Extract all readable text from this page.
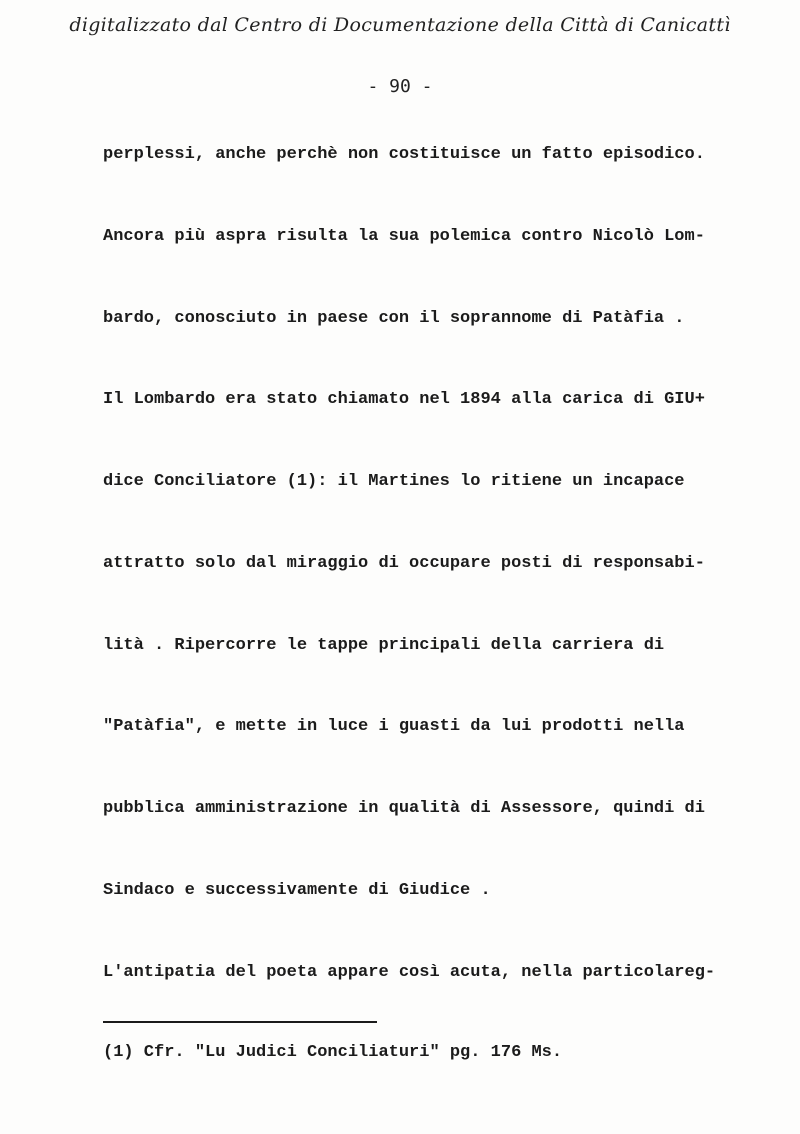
digitalizzato dal Centro di Documentazione della Città di Canicattì
- 90 -
perplessi, anche perchè non costituisce un fatto episodico.
Ancora più aspra risulta la sua polemica contro Nicolò Lom-
bardo, conosciuto in paese con il soprannome di Patàfia .
Il Lombardo era stato chiamato nel 1894 alla carica di GIU+
dice Conciliatore (1): il Martines lo ritiene un incapace
attratto solo dal miraggio di occupare posti di responsabi-
lità . Ripercorre le tappe principali della carriera di
"Patàfia", e mette in luce i guasti da lui prodotti nella
pubblica amministrazione in qualità di Assessore, quindi di
Sindaco e successivamente di Giudice .
L'antipatia del poeta appare così acuta, nella particolareg-
(1) Cfr. "Lu Judici Conciliaturi" pg. 176 Ms.
